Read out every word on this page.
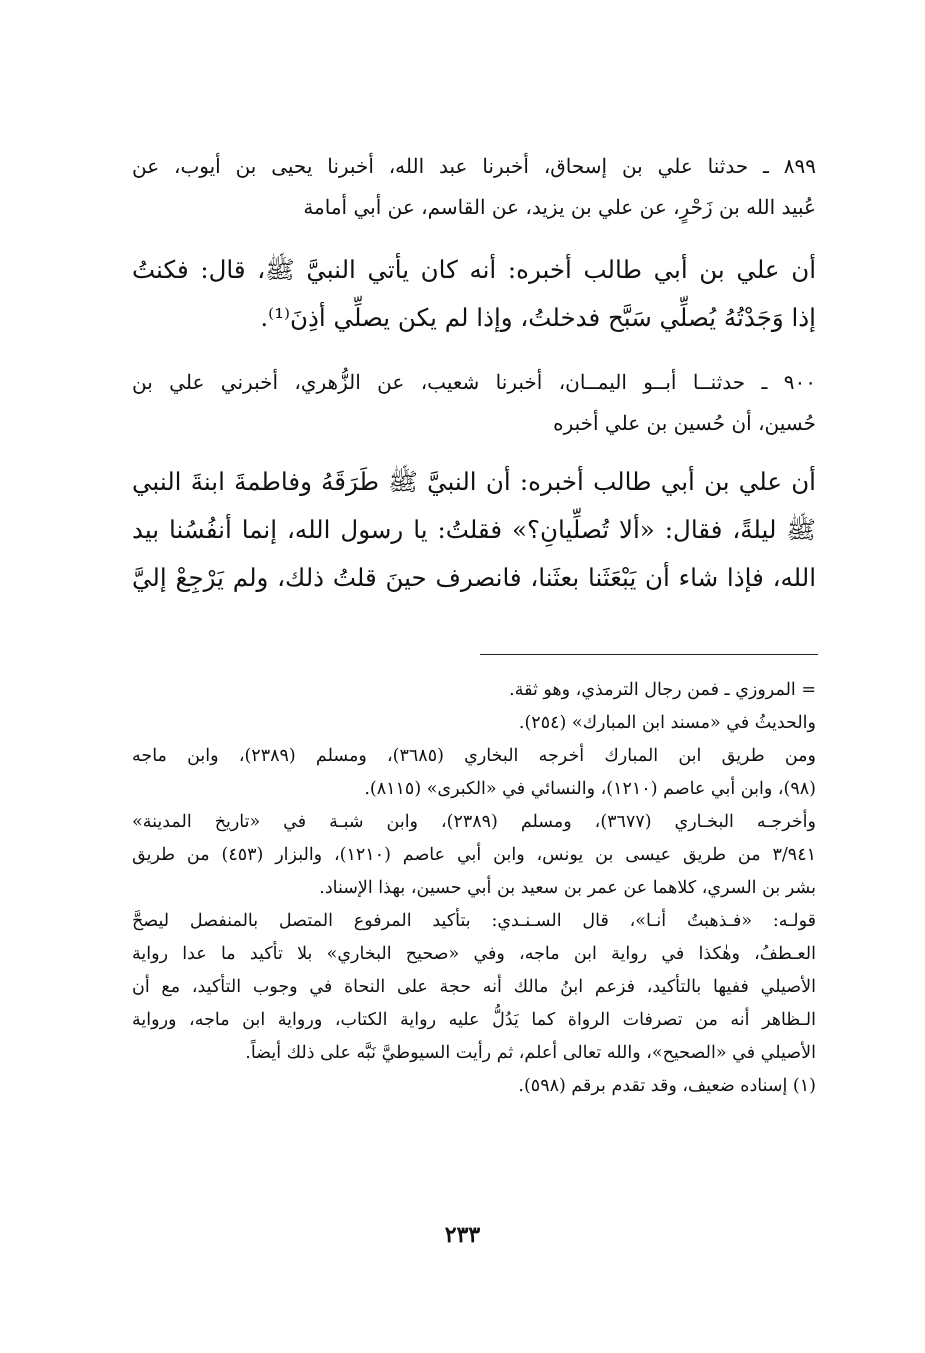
٨٩٩ ـ حدثنا علي بن إسحاق، أخبرنا عبد الله، أخبرنا يحيى بن أيوب، عن
عُبيد الله بن زَحْرٍ، عن علي بن يزيد، عن القاسم، عن أبي أمامة
أن علي بن أبي طالب أخبره: أنه كان يأتي النبيَّ ﷺ، قال: فكنتُ
إذا وَجَدْتُهُ يُصلِّي سَبَّح فدخلتُ، وإذا لم يكن يصلِّي أذِنَ⁽¹⁾.
٩٠٠ ـ حدثنــا أبــو اليمــان، أخبرنا شعيب، عن الزُّهري، أخبرني علي بن
حُسين، أن حُسين بن علي أخبره
أن علي بن أبي طالب أخبره: أن النبيَّ ﷺ طَرَقَهُ وفاطمةَ ابنةَ النبي
ﷺ ليلةً، فقال: «ألا تُصلِّيانِ؟» فقلتُ: يا رسول الله، إنما أنفُسُنا بيد
الله، فإذا شاء أن يَبْعَثَنا بعثَنا، فانصرف حينَ قلتُ ذلك، ولم يَرْجِعْ إليَّ
= المروزي ـ فمن رجال الترمذي، وهو ثقة.
والحديثُ في «مسند ابن المبارك» (٢٥٤).
ومن طريق ابن المبارك أخرجه البخاري (٣٦٨٥)، ومسلم (٢٣٨٩)، وابن ماجه
(٩٨)، وابن أبي عاصم (١٢١٠)، والنسائي في «الكبرى» (٨١١٥).
وأخرجـه البخـاري (٣٦٧٧)، ومسلم (٢٣٨٩)، وابن شبـة في «تاريخ المدينة»
٣/٩٤١ من طريق عيسى بن يونس، وابن أبي عاصم (١٢١٠)، والبزار (٤٥٣) من طريق
بشر بن السري، كلاهما عن عمر بن سعيد بن أبي حسين، بهذا الإسناد.
قولـه: «فـذهبتُ أنـا»، قال السـنـدي: بتأكيد المرفوع المتصل بالمنفصل ليصحَّ
العـطفُ، وهٰكذا في رواية ابن ماجه، وفي «صحيح البخاري» بلا تأكيد ما عدا رواية
الأصيلي ففيها بالتأكيد، فزعم ابنُ مالك أنه حجة على النحاة في وجوب التأكيد، مع أن
الـظاهر أنه من تصرفات الرواة كما يَدُلُّ عليه رواية الكتاب، ورواية ابن ماجه، ورواية
الأصيلي في «الصحيح»، والله تعالى أعلم، ثم رأيت السيوطيَّ نَبَّه على ذلك أيضاً.
(١) إسناده ضعيف، وقد تقدم برقم (٥٩٨).
٢٣٣
